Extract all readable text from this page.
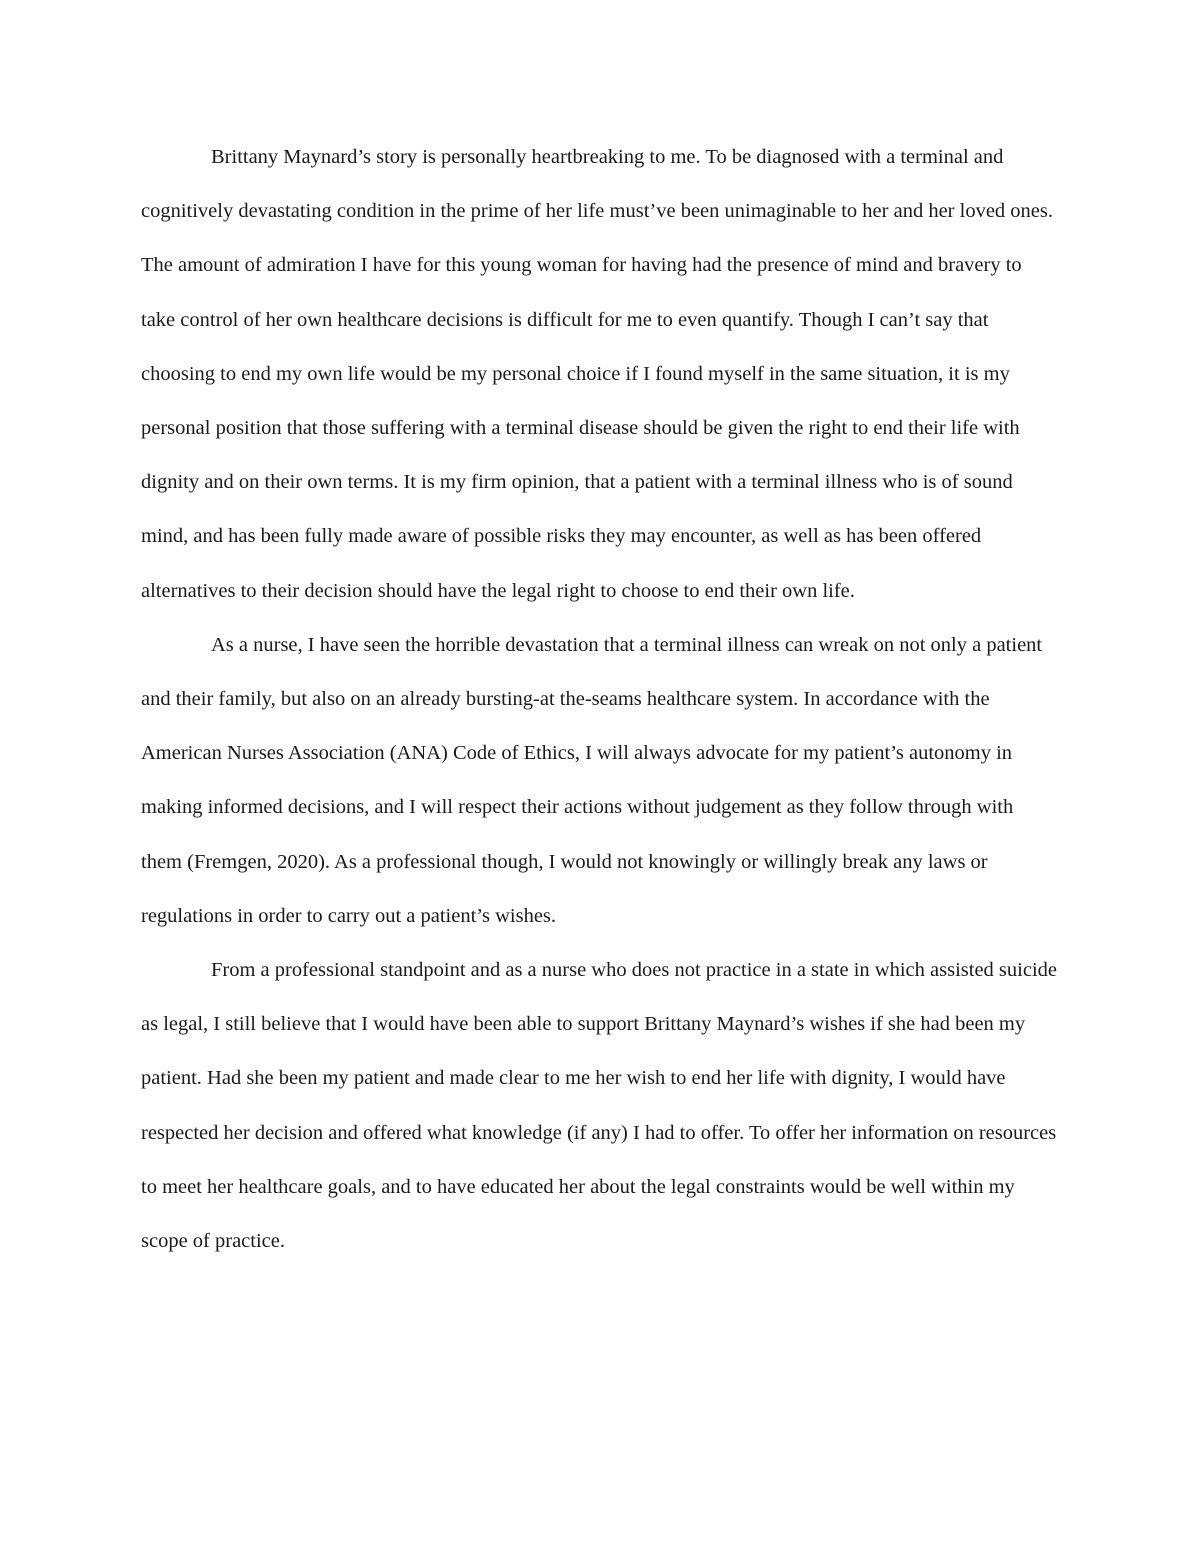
Brittany Maynard’s story is personally heartbreaking to me. To be diagnosed with a terminal and cognitively devastating condition in the prime of her life must’ve been unimaginable to her and her loved ones. The amount of admiration I have for this young woman for having had the presence of mind and bravery to take control of her own healthcare decisions is difficult for me to even quantify. Though I can’t say that choosing to end my own life would be my personal choice if I found myself in the same situation, it is my personal position that those suffering with a terminal disease should be given the right to end their life with dignity and on their own terms. It is my firm opinion, that a patient with a terminal illness who is of sound mind, and has been fully made aware of possible risks they may encounter, as well as has been offered alternatives to their decision should have the legal right to choose to end their own life.

As a nurse, I have seen the horrible devastation that a terminal illness can wreak on not only a patient and their family, but also on an already bursting-at the-seams healthcare system. In accordance with the American Nurses Association (ANA) Code of Ethics, I will always advocate for my patient’s autonomy in making informed decisions, and I will respect their actions without judgement as they follow through with them (Fremgen, 2020). As a professional though, I would not knowingly or willingly break any laws or regulations in order to carry out a patient’s wishes.

From a professional standpoint and as a nurse who does not practice in a state in which assisted suicide as legal, I still believe that I would have been able to support Brittany Maynard’s wishes if she had been my patient. Had she been my patient and made clear to me her wish to end her life with dignity, I would have respected her decision and offered what knowledge (if any) I had to offer. To offer her information on resources to meet her healthcare goals, and to have educated her about the legal constraints would be well within my scope of practice.
